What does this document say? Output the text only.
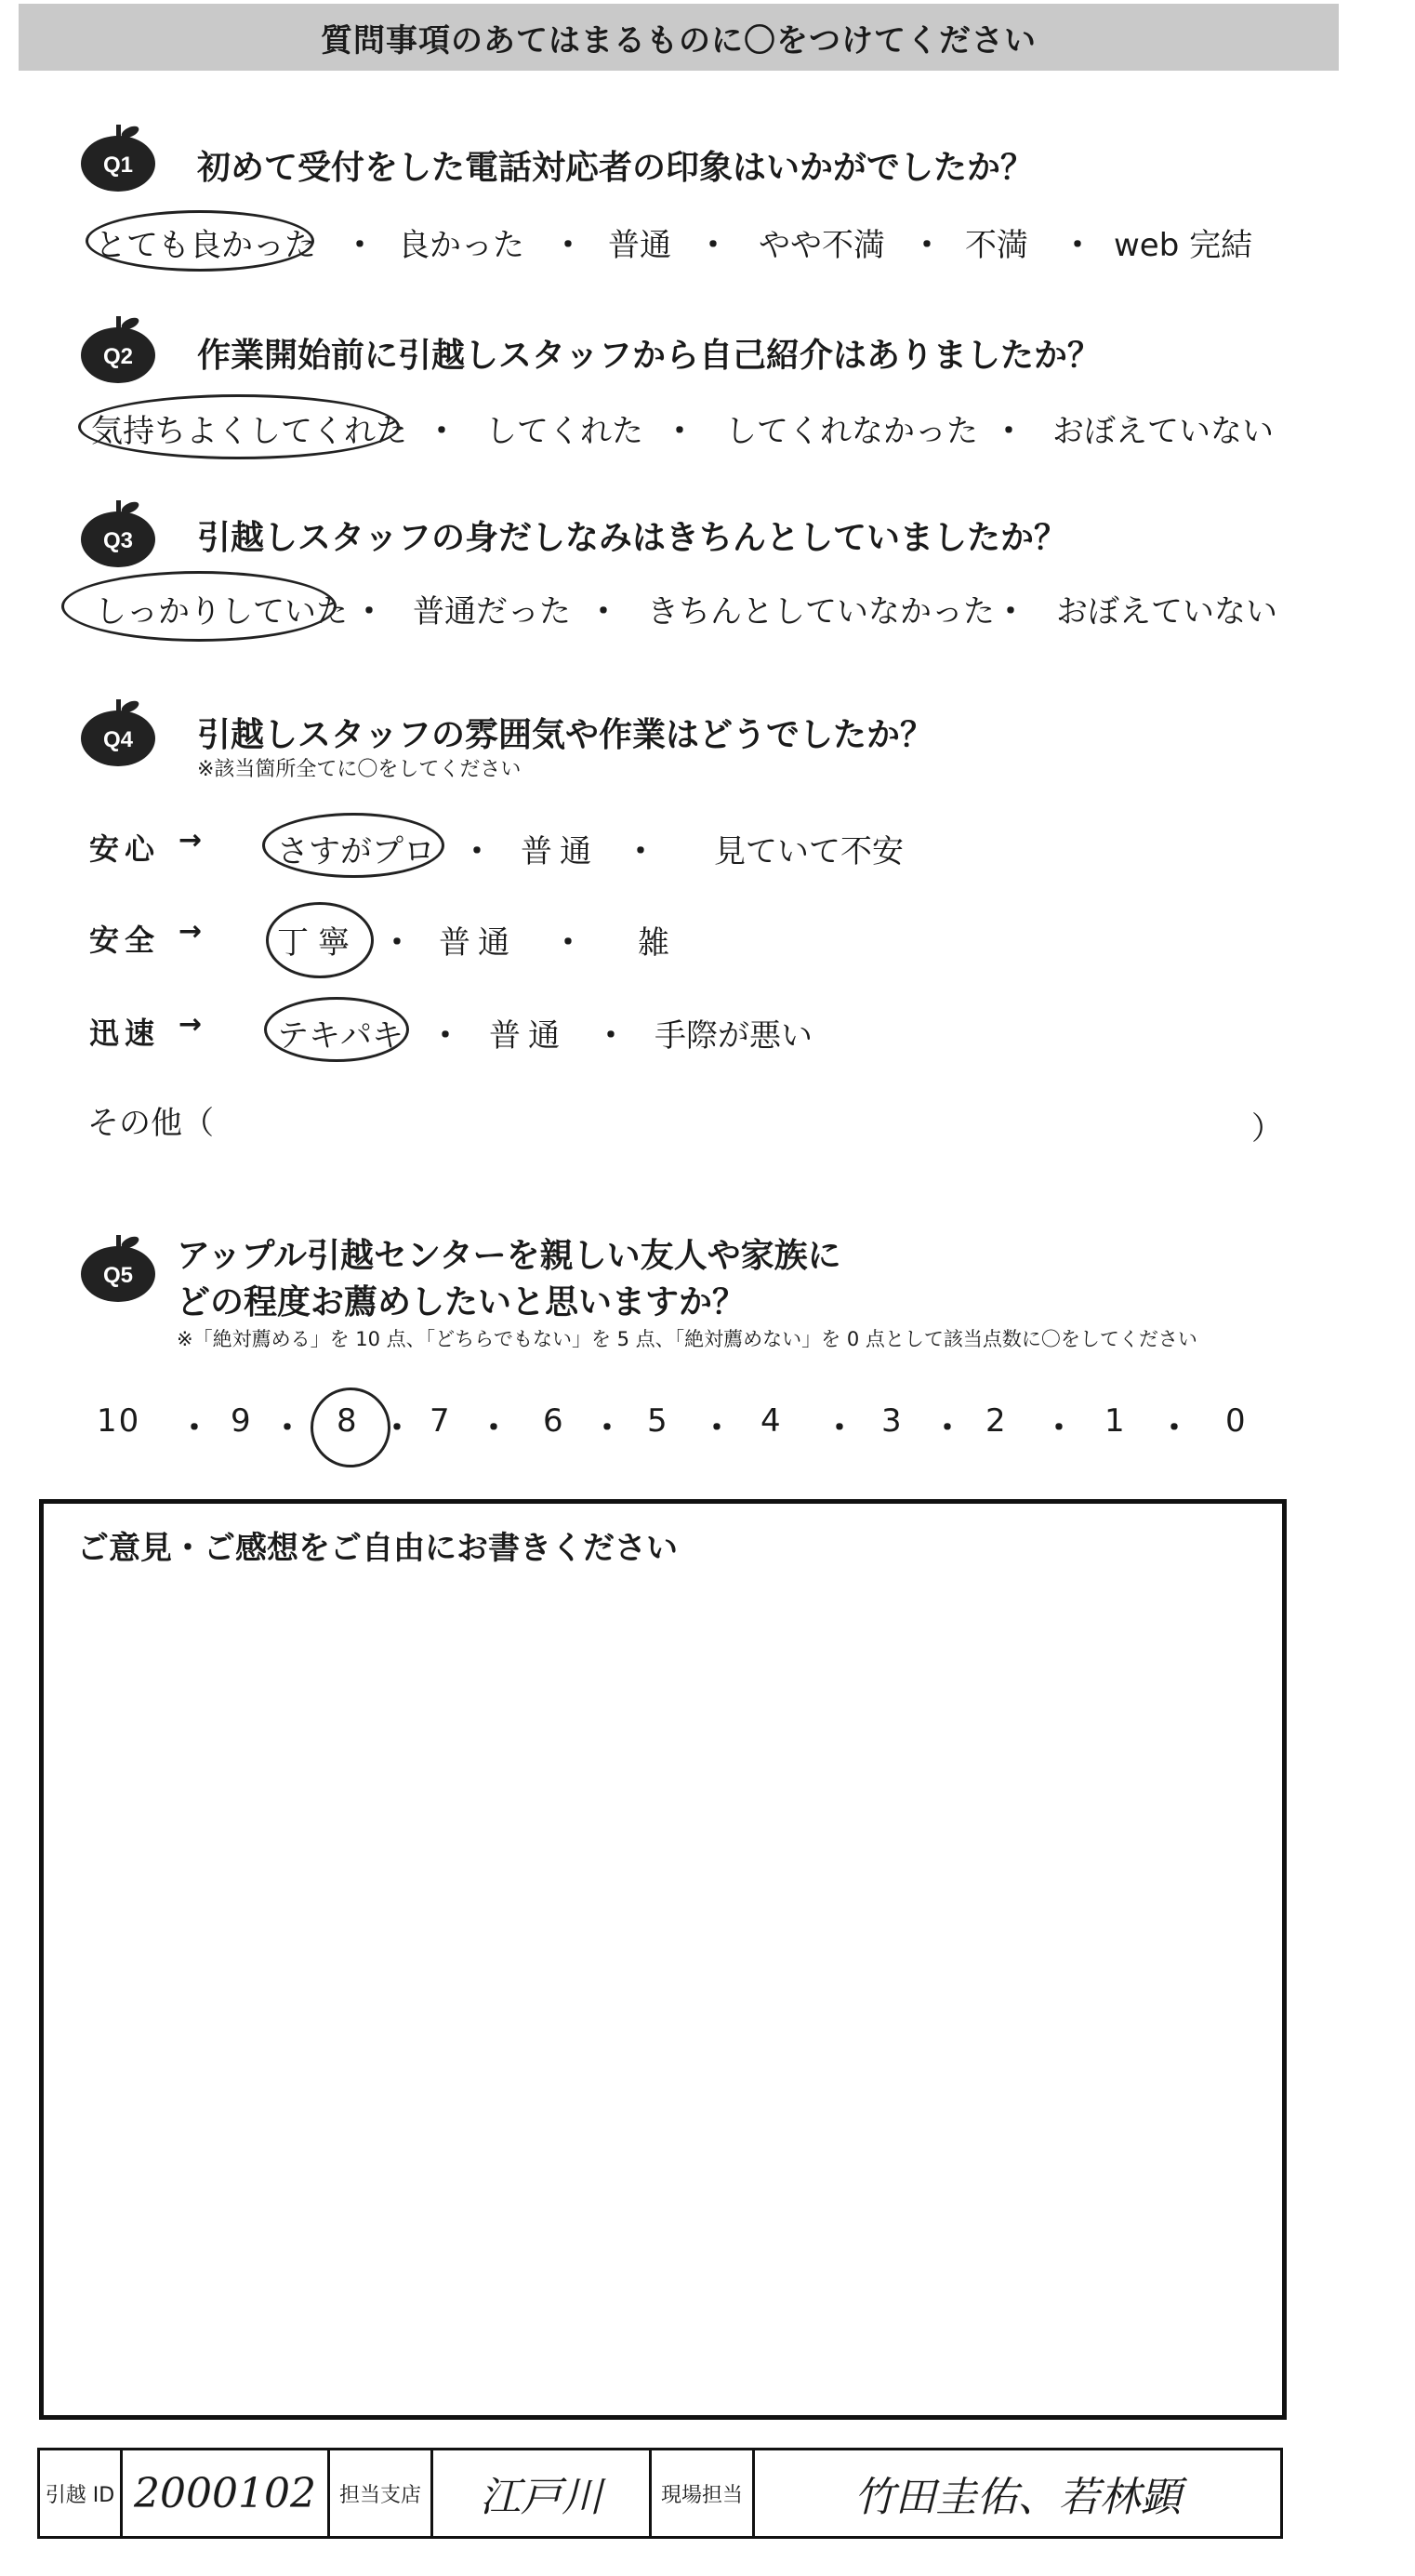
質問事項のあてはまるものに〇をつけてください
Q1 初めて受付をした電話対応者の印象はいかがでしたか？
とても良かった ・ 良かった ・ 普通 ・ やや不満 ・ 不満 ・ web 完結
Q2 作業開始前に引越しスタッフから自己紹介はありましたか？
気持ちよくしてくれた ・ してくれた ・ してくれなかった ・ おぼえていない
Q3 引越しスタッフの身だしなみはきちんとしていましたか？
しっかりしていた ・ 普通だった ・ きちんとしていなかった ・ おぼえていない
Q4 引越しスタッフの雰囲気や作業はどうでしたか？
※該当箇所全てに〇をしてください
安心 → さすがプロ ・ 普通 ・ 見ていて不安
安全 → 丁寧 ・ 普通 ・ 雑
迅速 → テキパキ ・ 普通 ・ 手際が悪い
その他（	）
Q5
アップル引越センターを親しい友人や家族に
どの程度お薦めしたいと思いますか？
※「絶対薦める」を 10 点、「どちらでもない」を 5 点、「絶対薦めない」を 0 点として該当点数に〇をしてください
10 ・ 9 ・ 8 ・ 7 ・ 6 ・ 5 ・ 4 ・ 3 ・ 2 ・ 1 ・ 0
ご意見・ご感想をご自由にお書きください
引越 ID 2000102	担当支店	江戸川	現場担当	竹田圭佑、若林顕
